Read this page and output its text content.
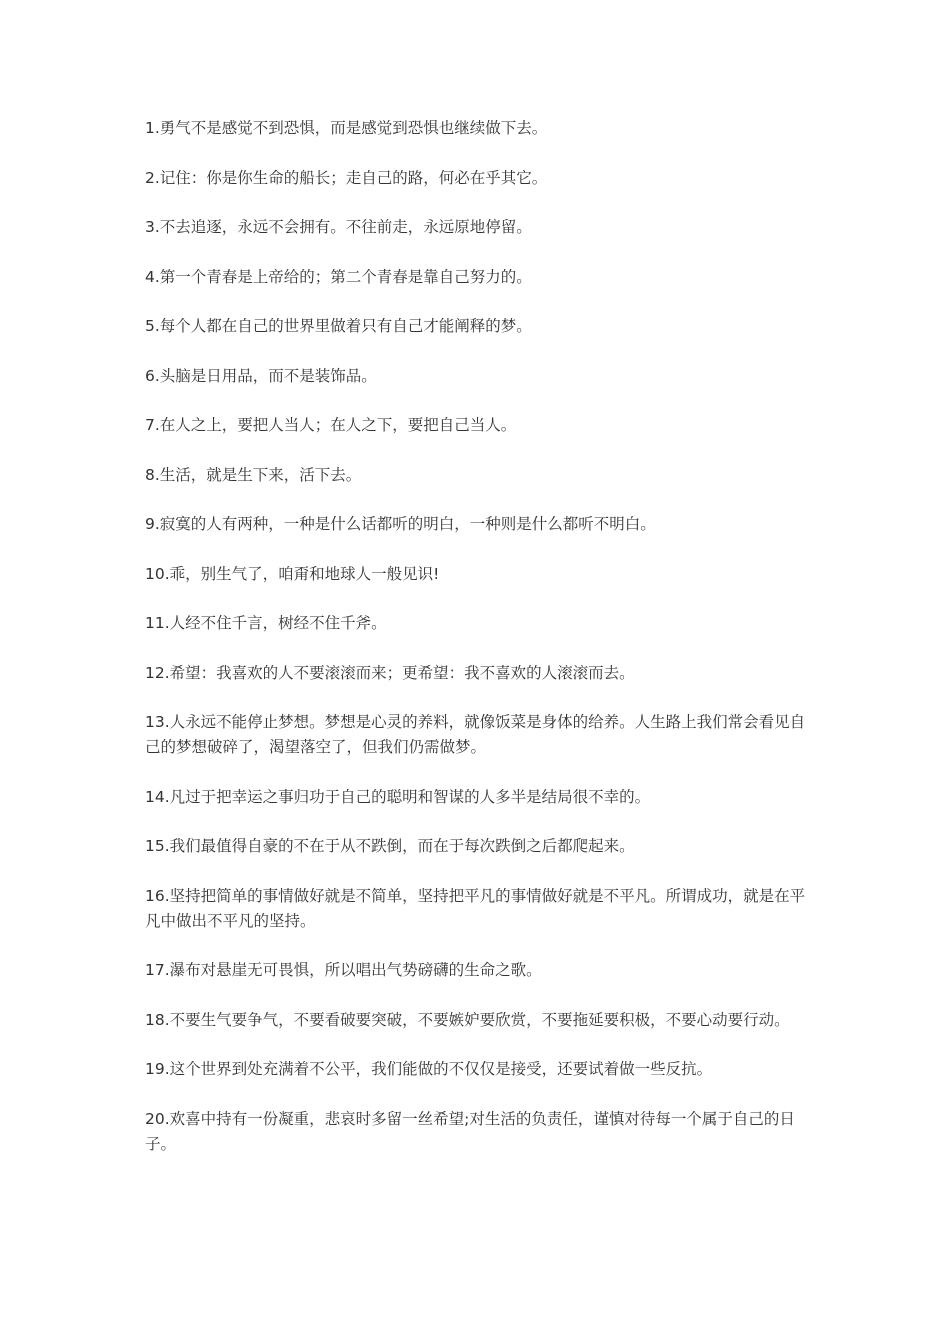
1.勇气不是感觉不到恐惧，而是感觉到恐惧也继续做下去。
2.记住：你是你生命的船长；走自己的路，何必在乎其它。
3.不去追逐，永远不会拥有。不往前走，永远原地停留。
4.第一个青春是上帝给的；第二个青春是靠自己努力的。
5.每个人都在自己的世界里做着只有自己才能阐释的梦。
6.头脑是日用品，而不是装饰品。
7.在人之上，要把人当人；在人之下，要把自己当人。
8.生活，就是生下来，活下去。
9.寂寞的人有两种，一种是什么话都听的明白，一种则是什么都听不明白。
10.乖，别生气了，咱甭和地球人一般见识!
11.人经不住千言，树经不住千斧。
12.希望：我喜欢的人不要滚滚而来；更希望：我不喜欢的人滚滚而去。
13.人永远不能停止梦想。梦想是心灵的养料，就像饭菜是身体的给养。人生路上我们常会看见自己的梦想破碎了，渴望落空了，但我们仍需做梦。
14.凡过于把幸运之事归功于自己的聪明和智谋的人多半是结局很不幸的。
15.我们最值得自豪的不在于从不跌倒，而在于每次跌倒之后都爬起来。
16.坚持把简单的事情做好就是不简单，坚持把平凡的事情做好就是不平凡。所谓成功，就是在平凡中做出不平凡的坚持。
17.瀑布对悬崖无可畏惧，所以唱出气势磅礴的生命之歌。
18.不要生气要争气，不要看破要突破，不要嫉妒要欣赏，不要拖延要积极，不要心动要行动。
19.这个世界到处充满着不公平，我们能做的不仅仅是接受，还要试着做一些反抗。
20.欢喜中持有一份凝重，悲哀时多留一丝希望;对生活的负责任，谨慎对待每一个属于自己的日子。
